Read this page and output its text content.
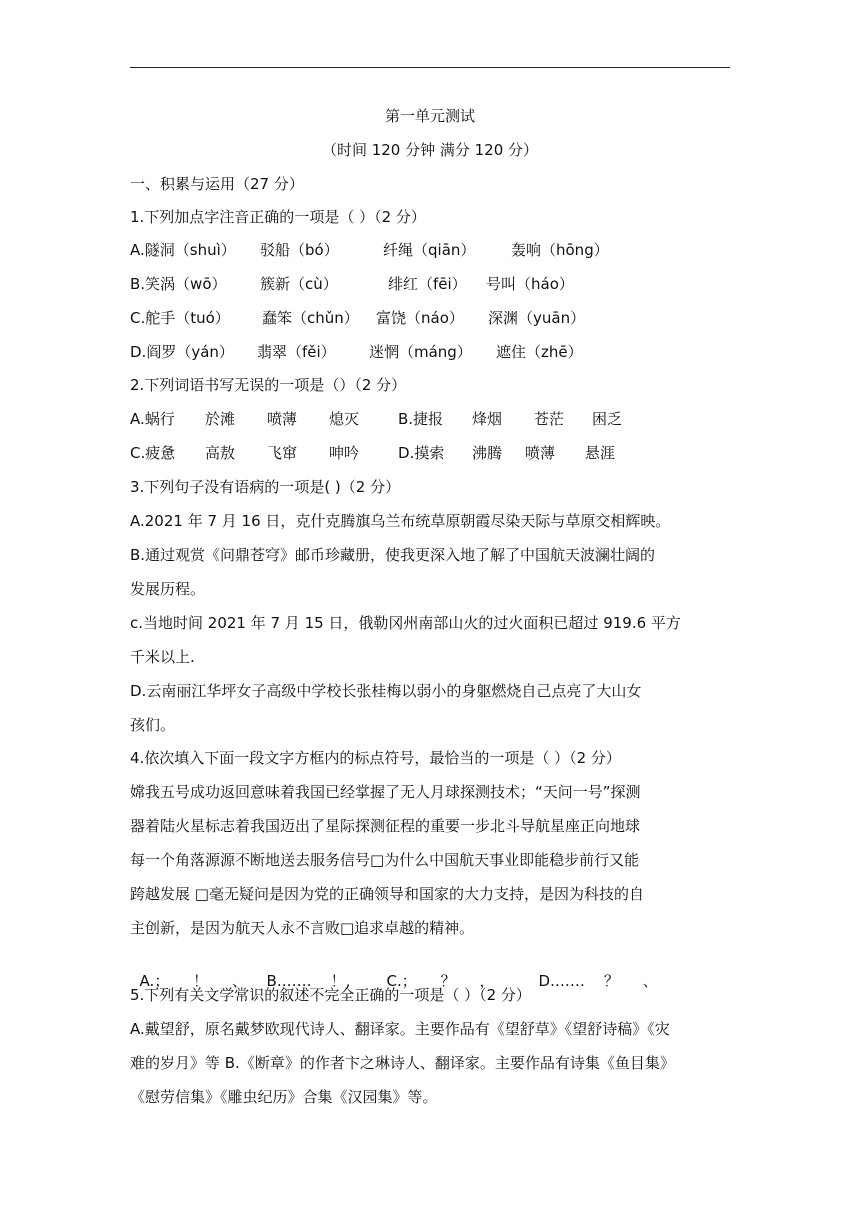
第一单元测试
（时间 120 分钟 满分 120 分）
一、积累与运用（27 分）
1.下列加点字注音正确的一项是（ ）（2 分）
A.隧洞（shuì） 驳船（bó）	纤绳（qiān） 轰响（hōng）
B.笑涡（wō） 簇新（cù）	绯红（fēi） 号叫（háo）
C.舵手（tuó） 蠢笨（chǔn） 富饶（náo） 深渊（yuān）
D.阎罗（yán） 翡翠（fěi） 迷惘（máng） 遮住（zhē）
2.下列词语书写无误的一项是（）（2 分）
A.蜗行 於滩 喷薄 熄灭	B.捷报 烽烟 苍茫 困乏
C.疲惫 高敖 飞窜 呻吟	D.摸索 沸腾 喷薄 悬涯
3.下列句子没有语病的一项是( )（2 分）
A.2021 年 7 月 16 日，克什克腾旗乌兰布统草原朝霞尽染天际与草原交相辉映。
B.通过观赏《问鼎苍穹》邮币珍藏册，使我更深入地了解了中国航天波澜壮阔的
发展历程。
c.当地时间 2021 年 7 月 15 日，俄勒冈州南部山火的过火面积已超过 919.6 平方
千米以上.
D.云南丽江华坪女子高级中学校长张桂梅以弱小的身躯燃烧自己点亮了大山女
孩们。
4.依次填入下面一段文字方框内的标点符号，最恰当的一项是（ ）（2 分）
嫦我五号成功返回意味着我国已经掌握了无人月球探测技术；“天问一号”探测
器着陆火星标志着我国迈出了星际探测征程的重要一步北斗导航星座正向地球
每一个角落源源不断地送去服务信号□为什么中国航天事业即能稳步前行又能
跨越发展 □毫无疑问是因为党的正确领导和国家的大力支持，是因为科技的自
主创新，是因为航天人永不言败□追求卓越的精神。

A.；     ！     、 B.……    ！, C.；     ？     ，	D.……    ？     、

5.下列有关文学常识的叙述不完全正确的一项是（ ）（2 分）
A.戴望舒，原名戴梦欧现代诗人、翻译家。主要作品有《望舒草》《望舒诗稿》《灾
难的岁月》等 B.《断章》的作者卞之琳诗人、翻译家。主要作品有诗集《鱼目集》
《慰劳信集》《雕虫纪历》合集《汉园集》等。
